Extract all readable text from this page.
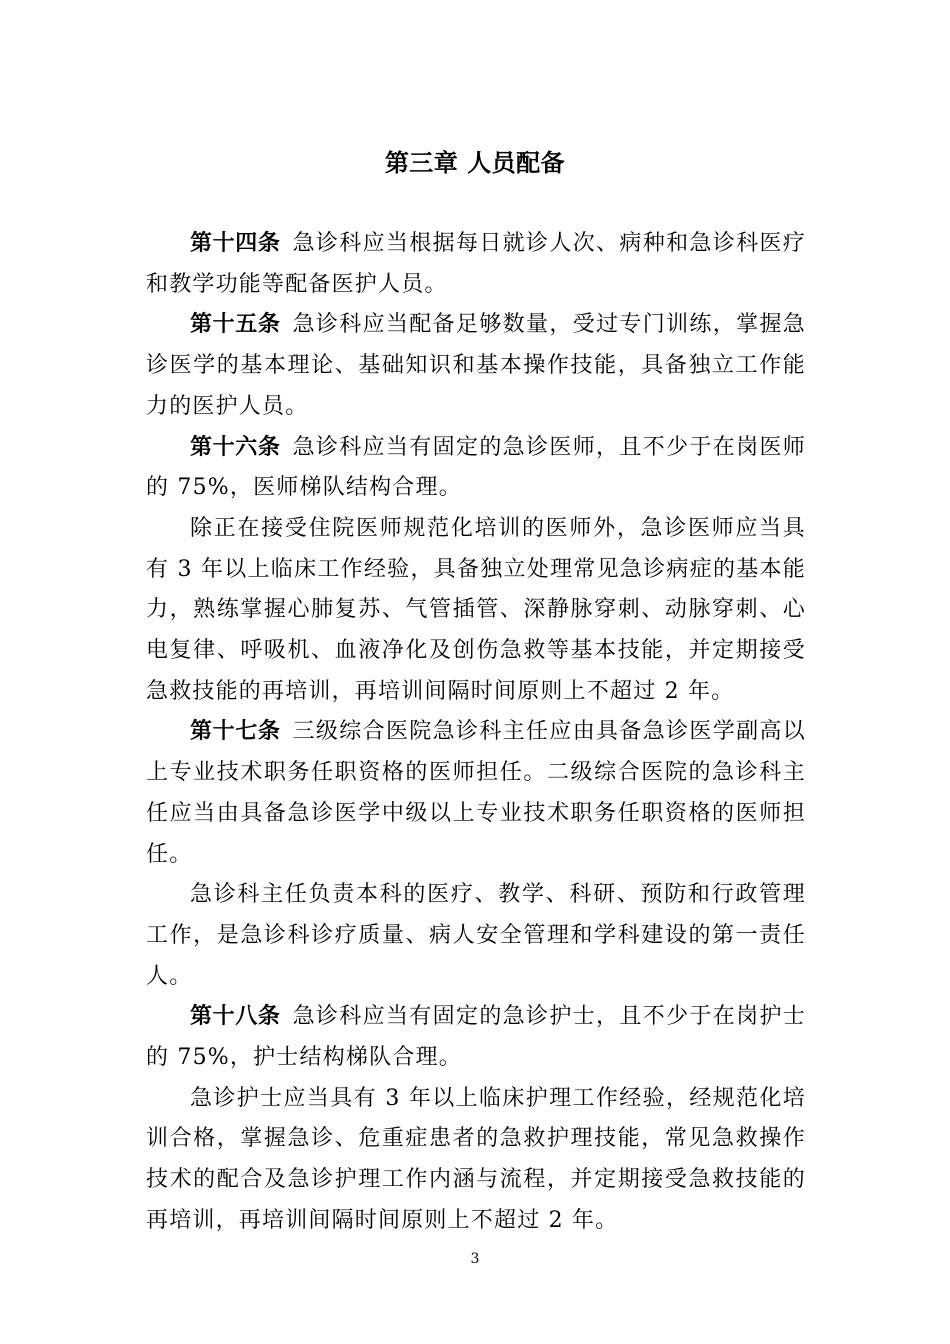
第三章 人员配备

第十四条 急诊科应当根据每日就诊人次、病种和急诊科医疗和教学功能等配备医护人员。

第十五条 急诊科应当配备足够数量，受过专门训练，掌握急诊医学的基本理论、基础知识和基本操作技能，具备独立工作能力的医护人员。

第十六条 急诊科应当有固定的急诊医师，且不少于在岗医师的 75%，医师梯队结构合理。

除正在接受住院医师规范化培训的医师外，急诊医师应当具有 3 年以上临床工作经验，具备独立处理常见急诊病症的基本能力，熟练掌握心肺复苏、气管插管、深静脉穿刺、动脉穿刺、心电复律、呼吸机、血液净化及创伤急救等基本技能，并定期接受急救技能的再培训，再培训间隔时间原则上不超过 2 年。

第十七条 三级综合医院急诊科主任应由具备急诊医学副高以上专业技术职务任职资格的医师担任。二级综合医院的急诊科主任应当由具备急诊医学中级以上专业技术职务任职资格的医师担任。

急诊科主任负责本科的医疗、教学、科研、预防和行政管理工作，是急诊科诊疗质量、病人安全管理和学科建设的第一责任人。

第十八条 急诊科应当有固定的急诊护士，且不少于在岗护士的 75%，护士结构梯队合理。

急诊护士应当具有 3 年以上临床护理工作经验，经规范化培训合格，掌握急诊、危重症患者的急救护理技能，常见急救操作技术的配合及急诊护理工作内涵与流程，并定期接受急救技能的再培训，再培训间隔时间原则上不超过 2 年。

3
